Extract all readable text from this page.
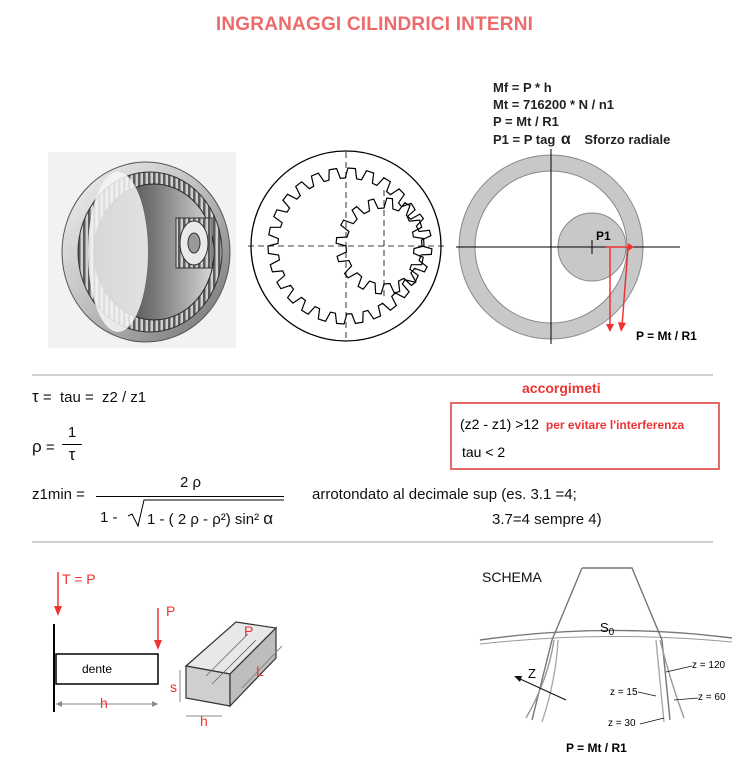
INGRANAGGI CILINDRICI INTERNI
Mf = P * h
Mt = 716200 * N / n1
P = Mt / R1
P1 = P tag α Sforzo radiale
P1
P = Mt / R1
τ =  tau = z2 / z1
ρ =
1
τ
z1min =
2 ρ
1 - 1 - ( 2 ρ - ρ²) sin² α
arrotondato al decimale sup (es. 3.1 =4;
3.7=4 sempre 4)
accorgimeti
(z2 - z1) >12 per evitare l'interferenza
tau < 2
T = P
P
dente
h
P
L
s
h
SCHEMA
$S_0$
Z
z = 120
z = 60
z = 15
z = 30
P = Mt / R1
